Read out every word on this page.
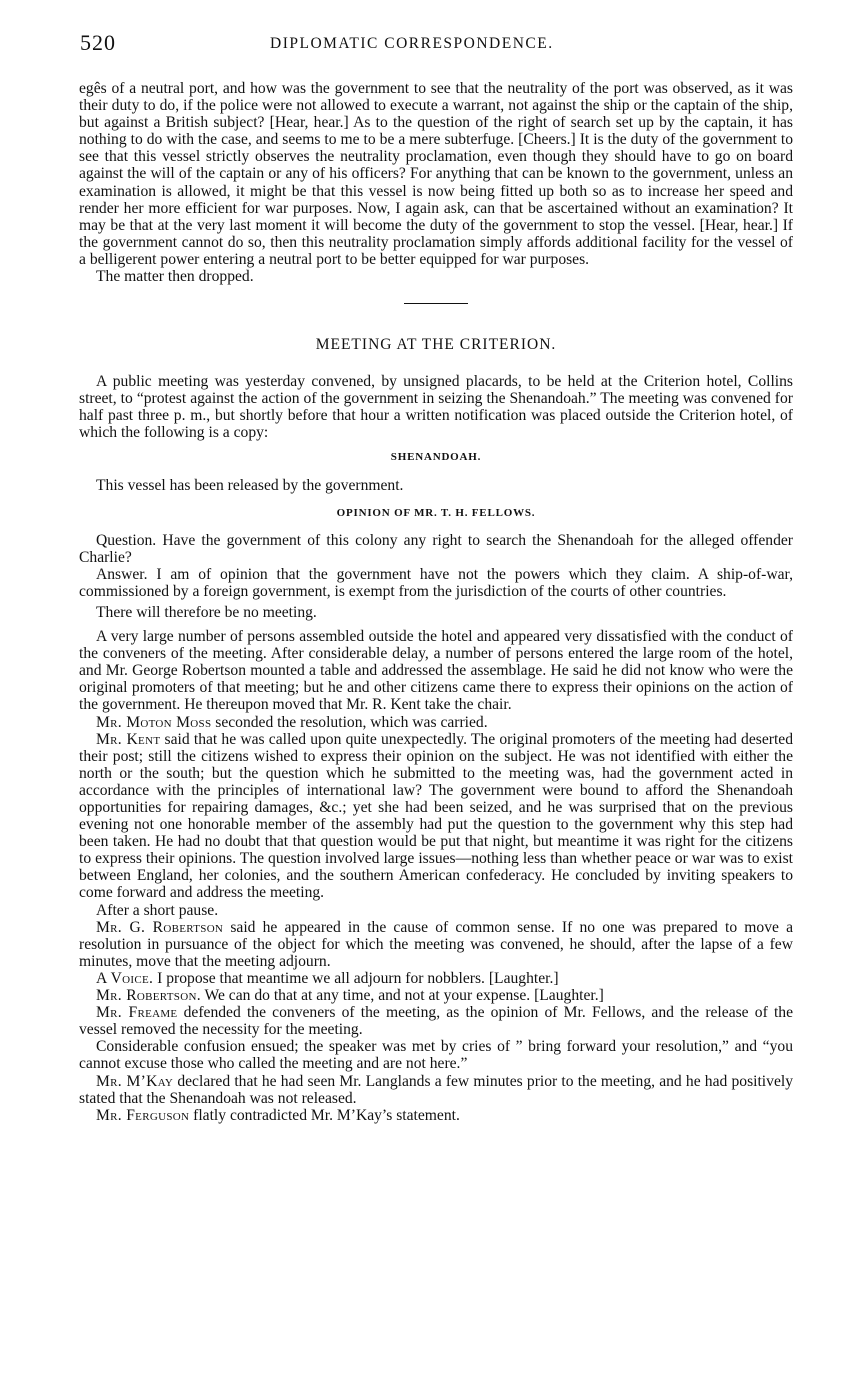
520	DIPLOMATIC CORRESPONDENCE.

egês of a neutral port, and how was the government to see that the neutrality of the port was observed, as it was their duty to do, if the police were not allowed to execute a warrant, not against the ship or the captain of the ship, but against a British subject? [Hear, hear.] As to the question of the right of search set up by the captain, it has nothing to do with the case, and seems to me to be a mere subterfuge. [Cheers.] It is the duty of the government to see that this vessel strictly observes the neutrality proclamation, even though they should have to go on board against the will of the captain or any of his officers? For anything that can be known to the government, unless an examination is allowed, it might be that this vessel is now being fitted up both so as to increase her speed and render her more efficient for war purposes. Now, I again ask, can that be ascertained without an examination? It may be that at the very last moment it will become the duty of the government to stop the vessel. [Hear, hear.] If the government cannot do so, then this neutrality proclamation simply affords additional facility for the vessel of a belligerent power entering a neutral port to be better equipped for war purposes.

The matter then dropped.

MEETING AT THE CRITERION.

A public meeting was yesterday convened, by unsigned placards, to be held at the Criterion hotel, Collins street, to “protest against the action of the government in seizing the Shenandoah.” The meeting was convened for half past three p. m., but shortly before that hour a written notification was placed outside the Criterion hotel, of which the following is a copy:

SHENANDOAH.

This vessel has been released by the government.

OPINION OF MR. T. H. FELLOWS.

Question. Have the government of this colony any right to search the Shenandoah for the alleged offender Charlie?

Answer. I am of opinion that the government have not the powers which they claim. A ship-of-war, commissioned by a foreign government, is exempt from the jurisdiction of the courts of other countries.

There will therefore be no meeting.

A very large number of persons assembled outside the hotel and appeared very dissatisfied with the conduct of the conveners of the meeting. After considerable delay, a number of persons entered the large room of the hotel, and Mr. George Robertson mounted a table and addressed the assemblage. He said he did not know who were the original promoters of that meeting; but he and other citizens came there to express their opinions on the action of the government. He thereupon moved that Mr. R. Kent take the chair.

Mr. Moton Moss seconded the resolution, which was carried.

Mr. Kent said that he was called upon quite unexpectedly. The original promoters of the meeting had deserted their post; still the citizens wished to express their opinion on the subject. He was not identified with either the north or the south; but the question which he submitted to the meeting was, had the government acted in accordance with the principles of international law? The government were bound to afford the Shenandoah opportunities for repairing damages, &c.; yet she had been seized, and he was surprised that on the previous evening not one honorable member of the assembly had put the question to the government why this step had been taken. He had no doubt that that question would be put that night, but meantime it was right for the citizens to express their opinions. The question involved large issues—nothing less than whether peace or war was to exist between England, her colonies, and the southern American confederacy. He concluded by inviting speakers to come forward and address the meeting.

After a short pause.

Mr. G. Robertson said he appeared in the cause of common sense. If no one was prepared to move a resolution in pursuance of the object for which the meeting was convened, he should, after the lapse of a few minutes, move that the meeting adjourn.

A Voice. I propose that meantime we all adjourn for nobblers. [Laughter.]

Mr. Robertson. We can do that at any time, and not at your expense. [Laughter.]

Mr. Freame defended the conveners of the meeting, as the opinion of Mr. Fellows, and the release of the vessel removed the necessity for the meeting.

Considerable confusion ensued; the speaker was met by cries of ” bring forward your resolution,” and “you cannot excuse those who called the meeting and are not here.”

Mr. M’Kay declared that he had seen Mr. Langlands a few minutes prior to the meeting, and he had positively stated that the Shenandoah was not released.

Mr. Ferguson flatly contradicted Mr. M’Kay’s statement.
